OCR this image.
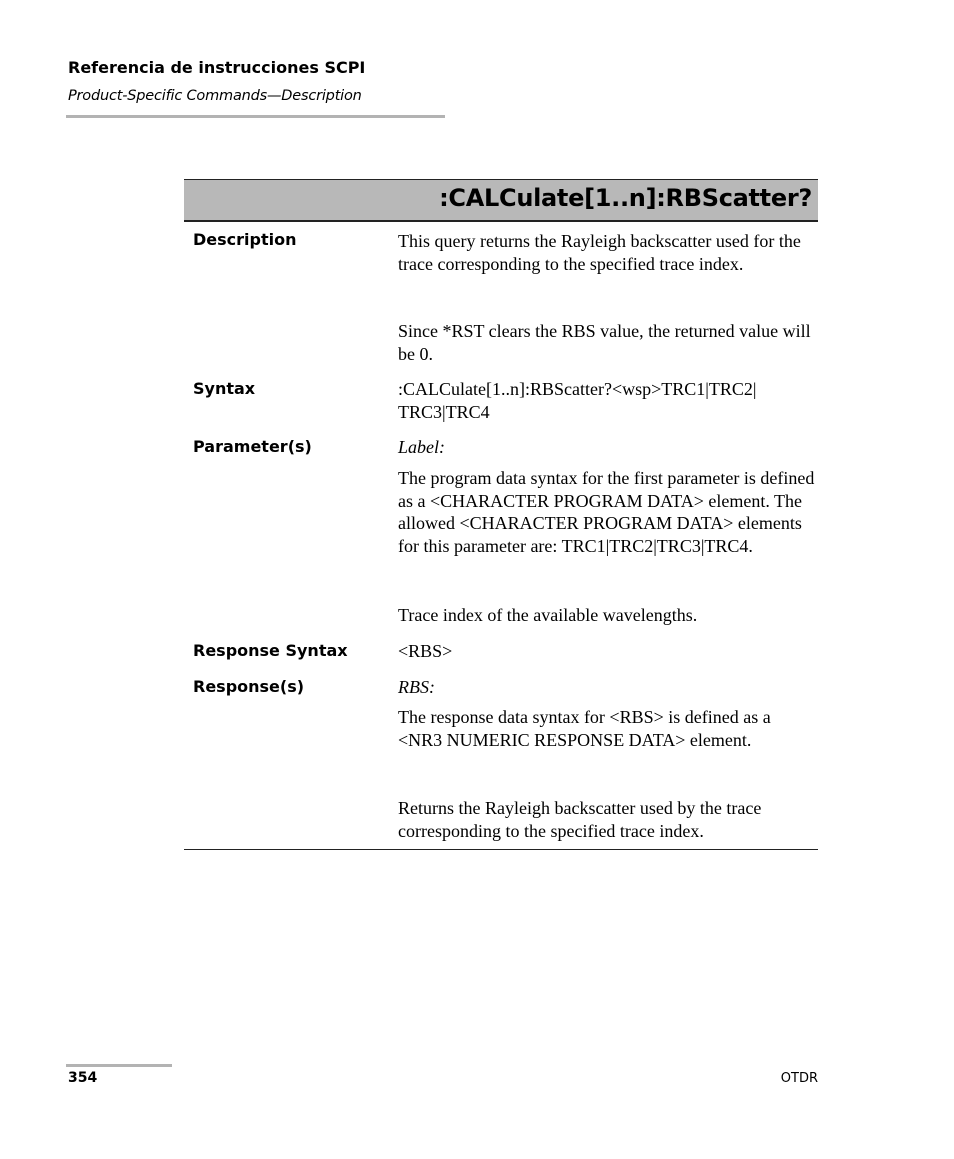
Referencia de instrucciones SCPI
Product-Specific Commands—Description
:CALCulate[1..n]:RBScatter?
Description	This query returns the Rayleigh backscatter used for the trace corresponding to the specified trace index.
Since *RST clears the RBS value, the returned value will be 0.
Syntax	:CALCulate[1..n]:RBScatter?<wsp>TRC1|TRC2|
TRC3|TRC4
Parameter(s)	Label:
The program data syntax for the first parameter is defined as a <CHARACTER PROGRAM DATA> element. The allowed <CHARACTER PROGRAM DATA> elements for this parameter are: TRC1|TRC2|TRC3|TRC4.
Trace index of the available wavelengths.
Response Syntax	<RBS>
Response(s)	RBS:
The response data syntax for <RBS> is defined as a <NR3 NUMERIC RESPONSE DATA> element.
Returns the Rayleigh backscatter used by the trace corresponding to the specified trace index.
354	OTDR
